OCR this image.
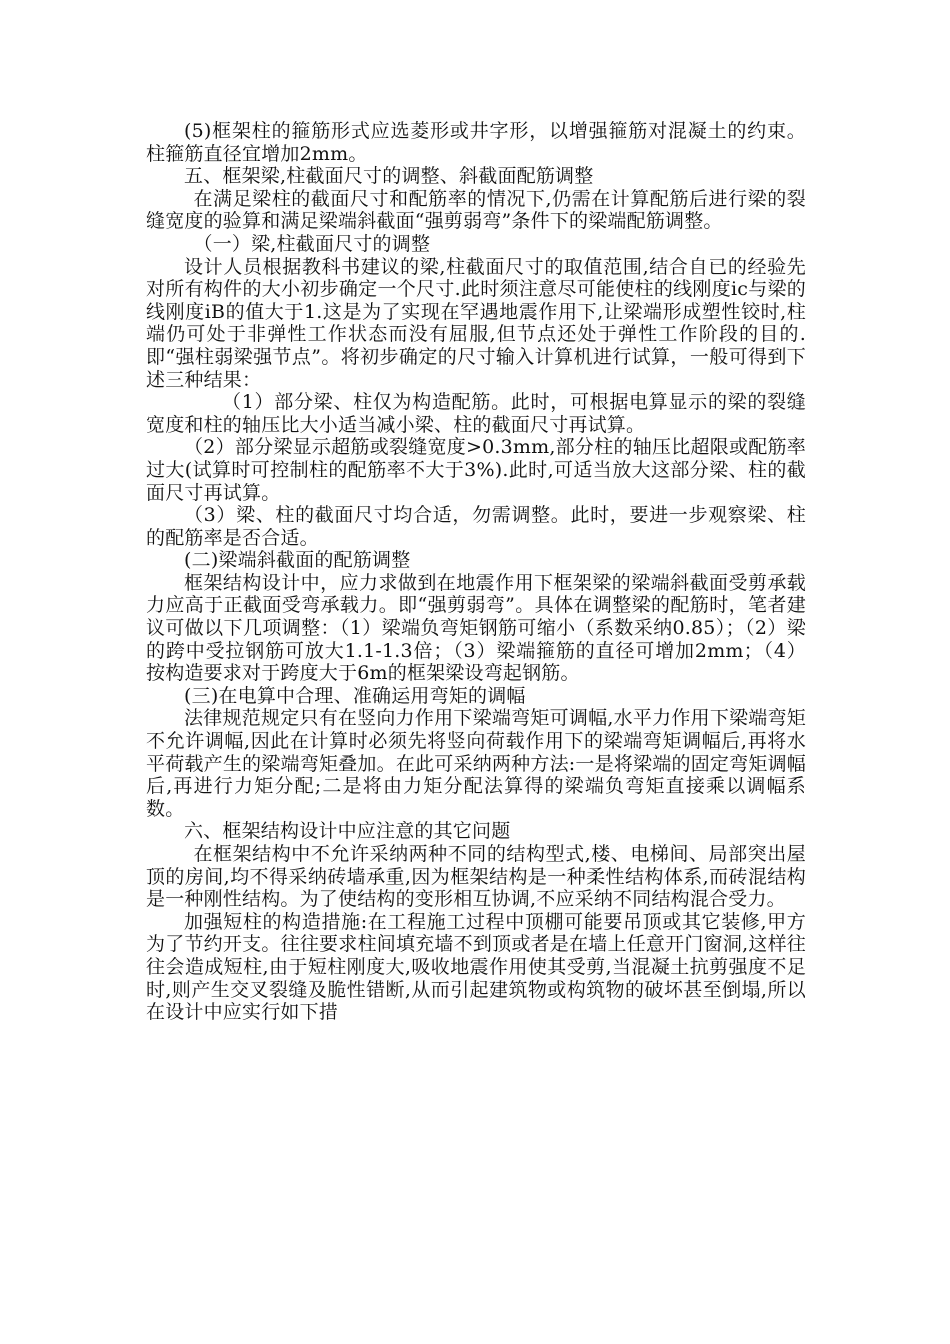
(5)框架柱的箍筋形式应选菱形或井字形，以增强箍筋对混凝土的约束。柱箍筋直径宜增加2mm。

五、框架梁,柱截面尺寸的调整、斜截面配筋调整

在满足梁柱的截面尺寸和配筋率的情况下,仍需在计算配筋后进行梁的裂缝宽度的验算和满足梁端斜截面“强剪弱弯”条件下的梁端配筋调整。

（一）梁,柱截面尺寸的调整

设计人员根据教科书建议的梁,柱截面尺寸的取值范围,结合自已的经验先对所有构件的大小初步确定一个尺寸.此时须注意尽可能使柱的线刚度ic与梁的线刚度iB的值大于1.这是为了实现在罕遇地震作用下,让梁端形成塑性铰时,柱端仍可处于非弹性工作状态而没有屈服,但节点还处于弹性工作阶段的目的.即“强柱弱梁强节点”。将初步确定的尺寸输入计算机进行试算，一般可得到下述三种结果：

（1）部分梁、柱仅为构造配筋。此时，可根据电算显示的梁的裂缝宽度和柱的轴压比大小适当减小梁、柱的截面尺寸再试算。

（2）部分梁显示超筋或裂缝宽度>0.3mm,部分柱的轴压比超限或配筋率过大(试算时可控制柱的配筋率不大于3%).此时,可适当放大这部分梁、柱的截面尺寸再试算。

（3）梁、柱的截面尺寸均合适，勿需调整。此时，要进一步观察梁、柱的配筋率是否合适。

(二)梁端斜截面的配筋调整

框架结构设计中，应力求做到在地震作用下框架梁的梁端斜截面受剪承载力应高于正截面受弯承载力。即“强剪弱弯”。具体在调整梁的配筋时，笔者建议可做以下几项调整：（1）梁端负弯矩钢筋可缩小（系数采纳0.85）；（2）梁的跨中受拉钢筋可放大1.1-1.3倍；（3）梁端箍筋的直径可增加2mm；（4）按构造要求对于跨度大于6m的框架梁设弯起钢筋。

(三)在电算中合理、准确运用弯矩的调幅

法律规范规定只有在竖向力作用下梁端弯矩可调幅,水平力作用下梁端弯矩不允许调幅,因此在计算时必须先将竖向荷载作用下的梁端弯矩调幅后,再将水平荷载产生的梁端弯矩叠加。在此可采纳两种方法:一是将梁端的固定弯矩调幅后,再进行力矩分配;二是将由力矩分配法算得的梁端负弯矩直接乘以调幅系数。

六、框架结构设计中应注意的其它问题

在框架结构中不允许采纳两种不同的结构型式,楼、电梯间、局部突出屋顶的房间,均不得采纳砖墙承重,因为框架结构是一种柔性结构体系,而砖混结构是一种刚性结构。为了使结构的变形相互协调,不应采纳不同结构混合受力。

加强短柱的构造措施:在工程施工过程中顶棚可能要吊顶或其它装修,甲方为了节约开支。往往要求柱间填充墙不到顶或者是在墙上任意开门窗洞,这样往往会造成短柱,由于短柱刚度大,吸收地震作用使其受剪,当混凝土抗剪强度不足时,则产生交叉裂缝及脆性错断,从而引起建筑物或构筑物的破坏甚至倒塌,所以在设计中应实行如下措
